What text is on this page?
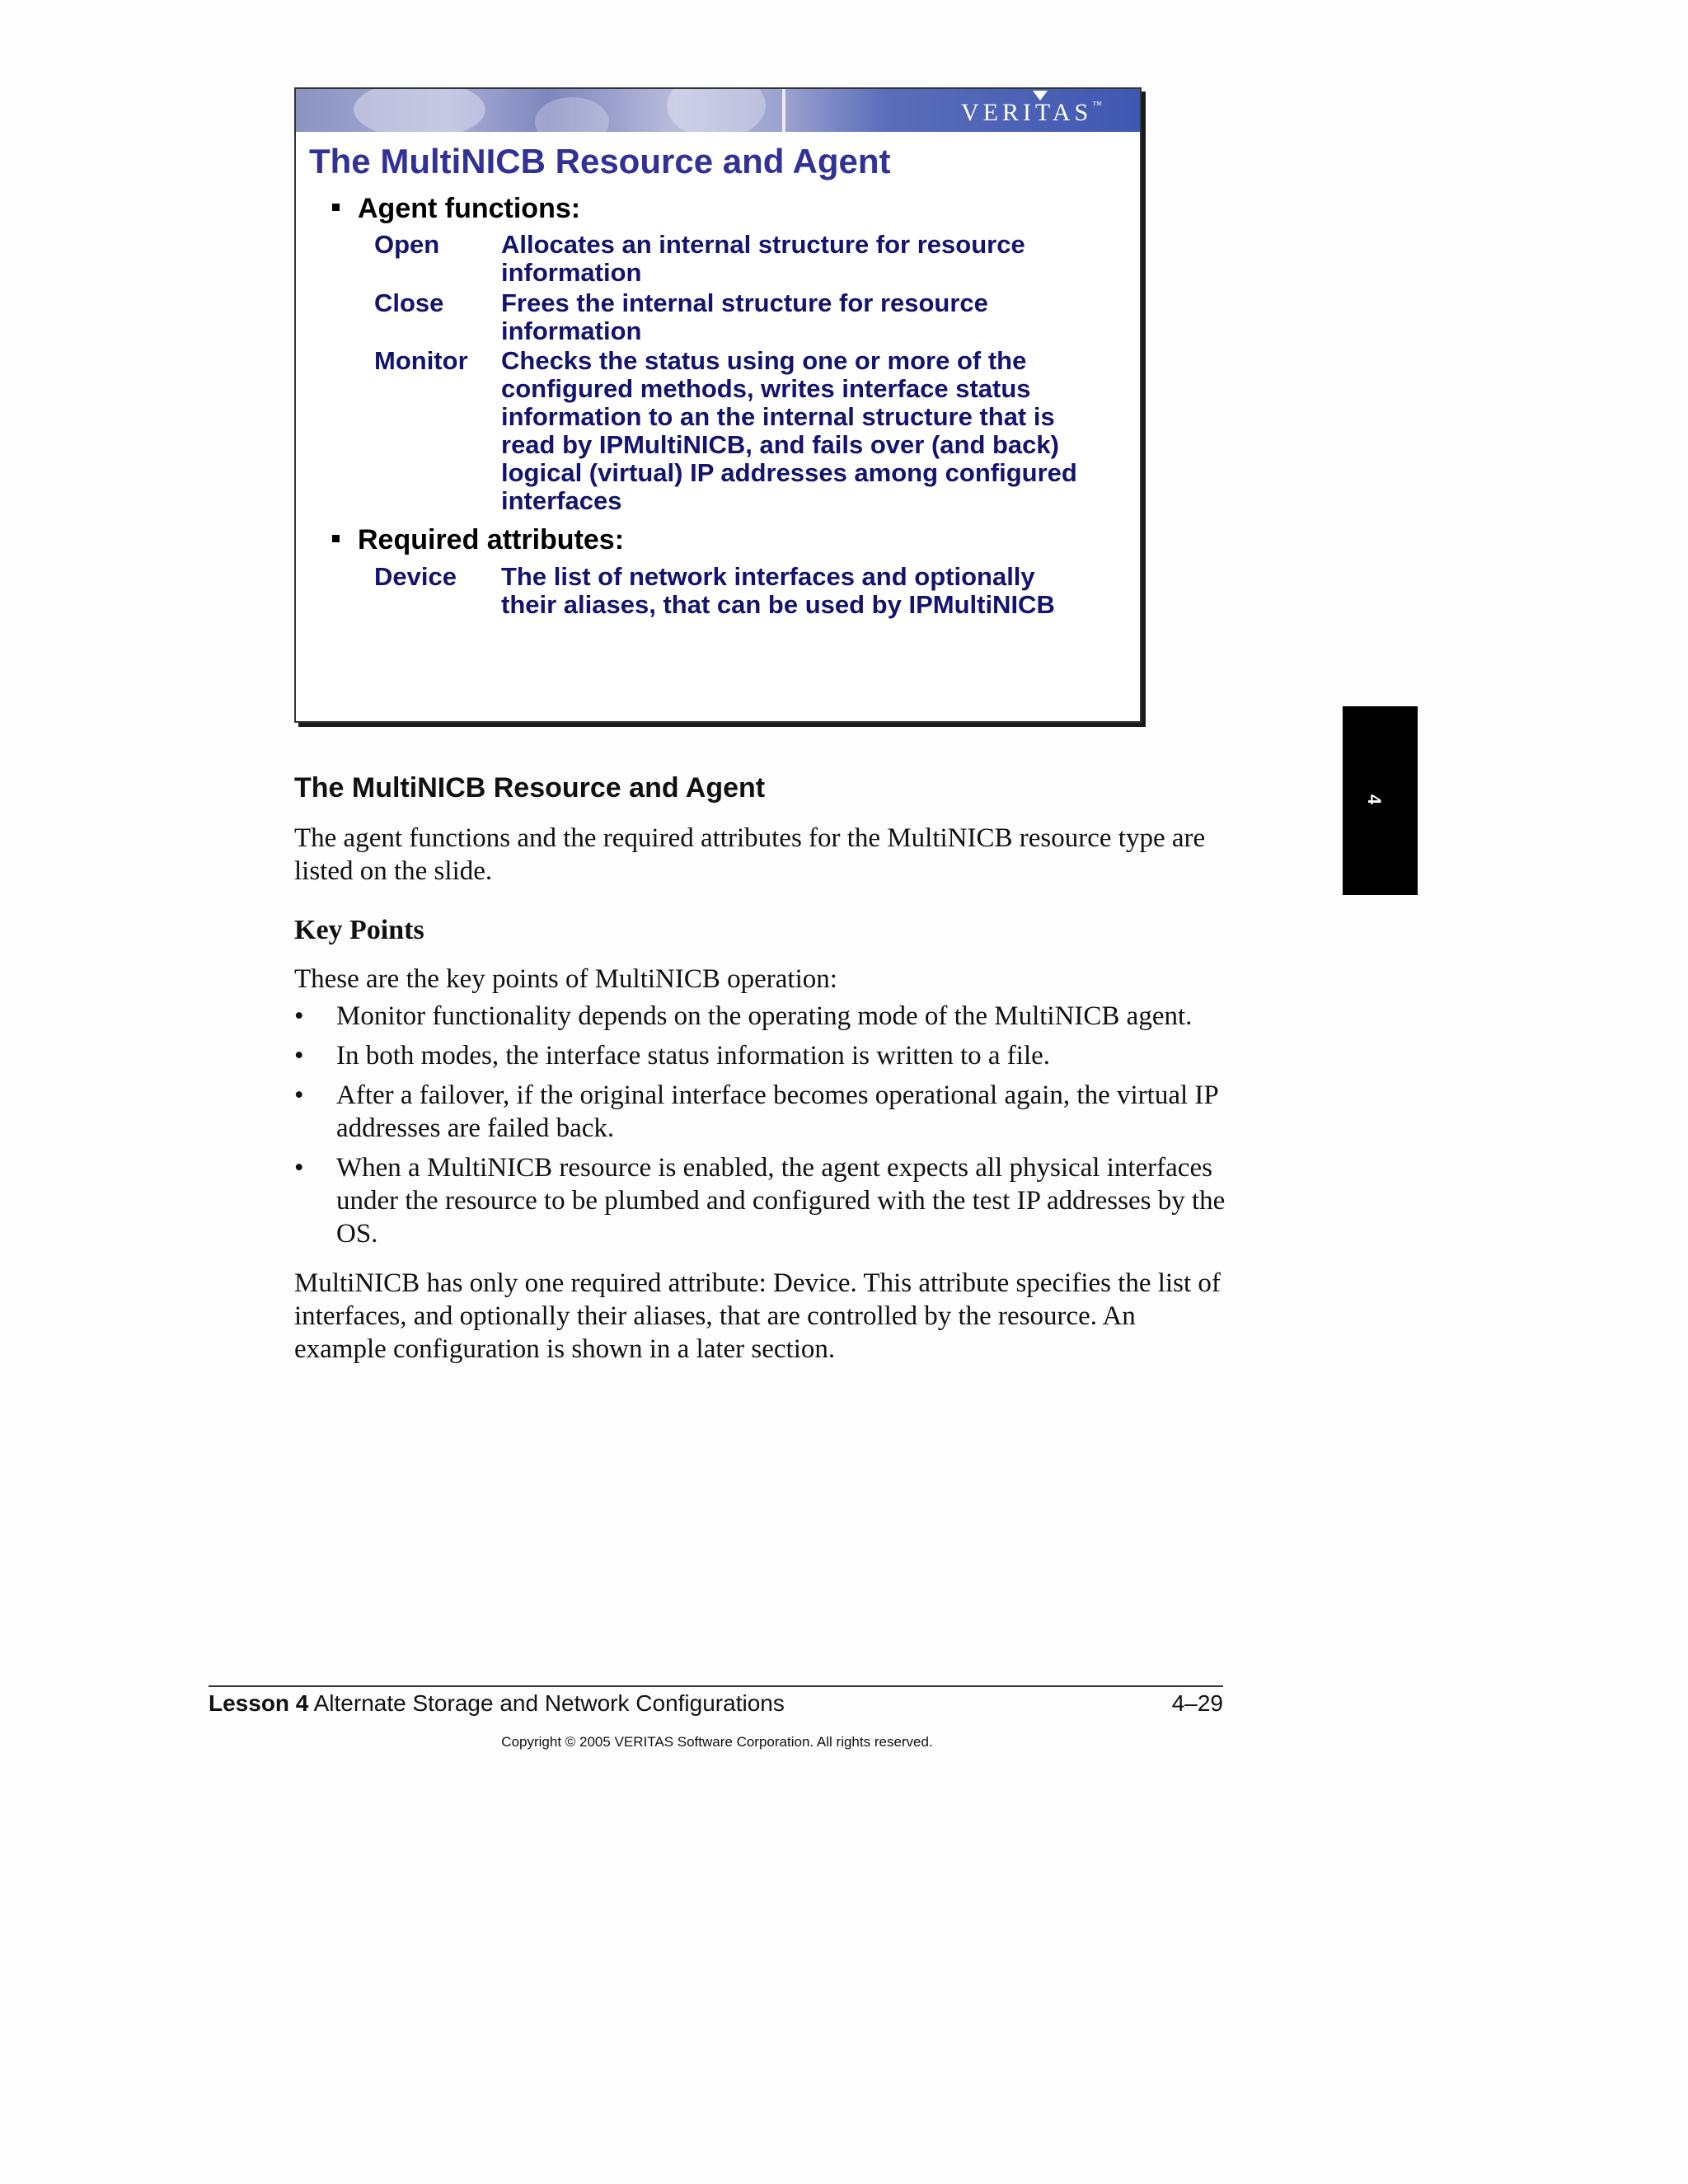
VERITAS™
The MultiNICB Resource and Agent
Agent functions:
Open	Allocates an internal structure for resource information
Close	Frees the internal structure for resource information
Monitor	Checks the status using one or more of the configured methods, writes interface status information to an the internal structure that is read by IPMultiNICB, and fails over (and back) logical (virtual) IP addresses among configured interfaces
Required attributes:
Device	The list of network interfaces and optionally their aliases, that can be used by IPMultiNICB
The MultiNICB Resource and Agent

The agent functions and the required attributes for the MultiNICB resource type are listed on the slide.

Key Points

These are the key points of MultiNICB operation:

• Monitor functionality depends on the operating mode of the MultiNICB agent.
• In both modes, the interface status information is written to a file.
• After a failover, if the original interface becomes operational again, the virtual IP addresses are failed back.
• When a MultiNICB resource is enabled, the agent expects all physical interfaces under the resource to be plumbed and configured with the test IP addresses by the OS.

MultiNICB has only one required attribute: Device. This attribute specifies the list of interfaces, and optionally their aliases, that are controlled by the resource. An example configuration is shown in a later section.

4
Lesson 4 Alternate Storage and Network Configurations	4–29
Copyright © 2005 VERITAS Software Corporation. All rights reserved.
